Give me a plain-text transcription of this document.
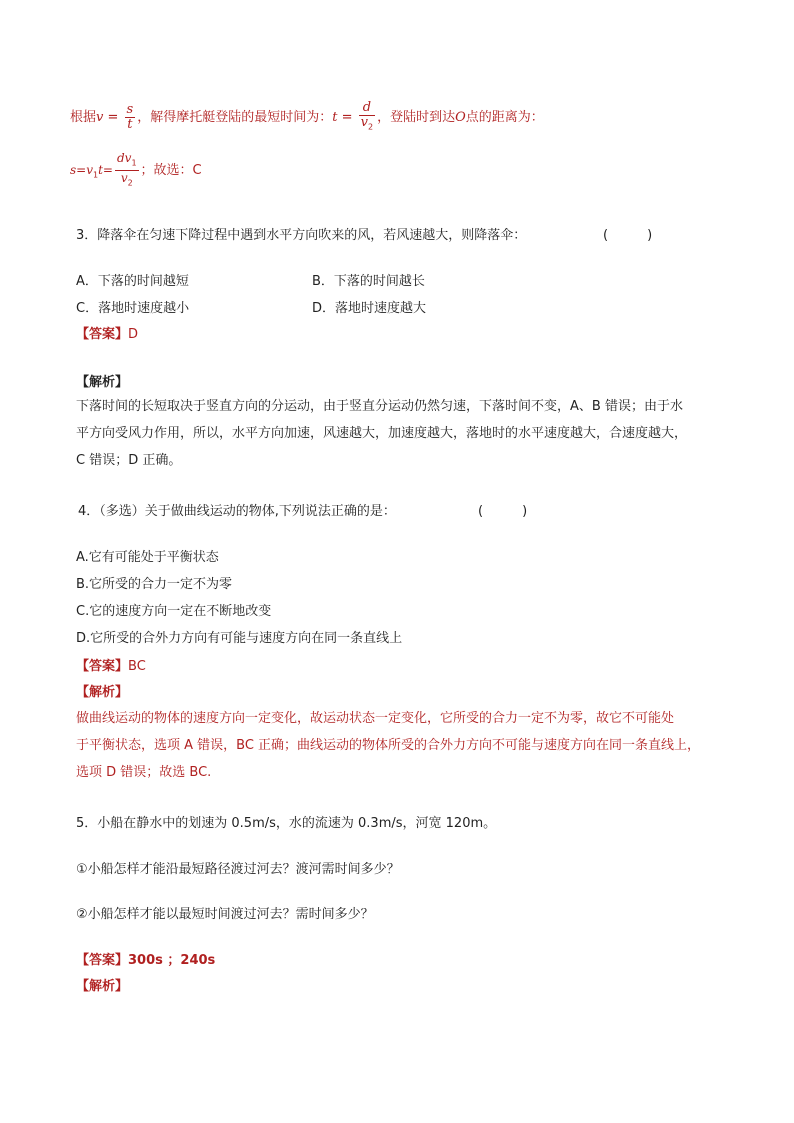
根据$v = \frac{s}{t}$ ，解得摩托艇登陆的最短时间为：$t = \frac{d}{v_2}$ ，登陆时到达O点的距离为：
$s=v_1t= \frac{dv_1}{v_2}$ ；故选：C
3．降落伞在匀速下降过程中遇到水平方向吹来的风，若风速越大，则降落伞：	(　　　)
A．下落的时间越短	B．下落的时间越长
C．落地时速度越小	D．落地时速度越大
【答案】D
【解析】
下落时间的长短取决于竖直方向的分运动，由于竖直分运动仍然匀速，下落时间不变，A、B 错误；由于水
平方向受风力作用，所以，水平方向加速，风速越大，加速度越大，落地时的水平速度越大，合速度越大，
C 错误；D 正确。
4．（多选）关于做曲线运动的物体,下列说法正确的是：	(　　　)
A.它有可能处于平衡状态
B.它所受的合力一定不为零
C.它的速度方向一定在不断地改变
D.它所受的合外力方向有可能与速度方向在同一条直线上
【答案】BC
【解析】
做曲线运动的物体的速度方向一定变化，故运动状态一定变化，它所受的合力一定不为零，故它不可能处
于平衡状态，选项 A 错误，BC 正确；曲线运动的物体所受的合外力方向不可能与速度方向在同一条直线上，
选项 D 错误；故选 BC.
5．小船在静水中的划速为 0.5m/s，水的流速为 0.3m/s，河宽 120m。
①小船怎样才能沿最短路径渡过河去？渡河需时间多少？
②小船怎样才能以最短时间渡过河去？需时间多少？
【答案】300s ；240s
【解析】
